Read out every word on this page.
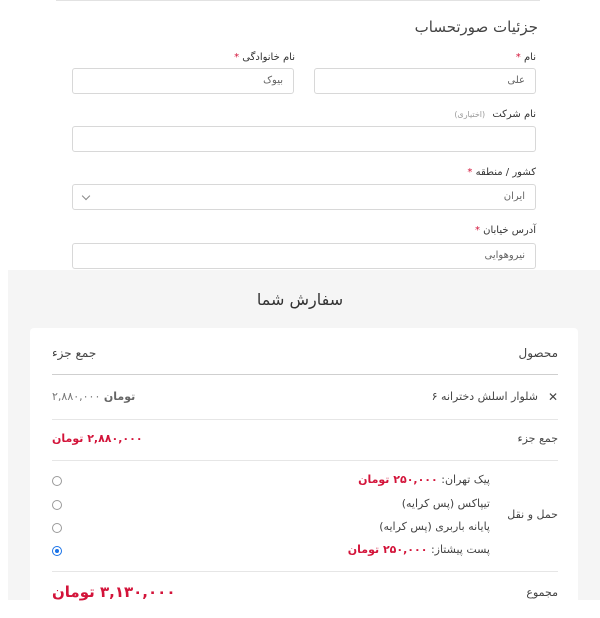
جزئیات صورتحساب
نام *
علی
نام خانوادگی *
بیوک
نام شرکت (اختیاری)
کشور / منطقه *
ایران
آدرس خیابان *
نیروهوایی
سفارش شما
محصول
جمع جزء
✕
شلوار اسلش دخترانه ۶
تومان ۲,۸۸۰,۰۰۰
جمع جزء
۲,۸۸۰,۰۰۰ تومان
حمل و نقل
پیک تهران: ۲۵۰,۰۰۰ تومان
تیپاکس (پس کرایه)
پایانه باربری (پس کرایه)
پست پیشتاز: ۲۵۰,۰۰۰ تومان
مجموع
۳,۱۳۰,۰۰۰ تومان
